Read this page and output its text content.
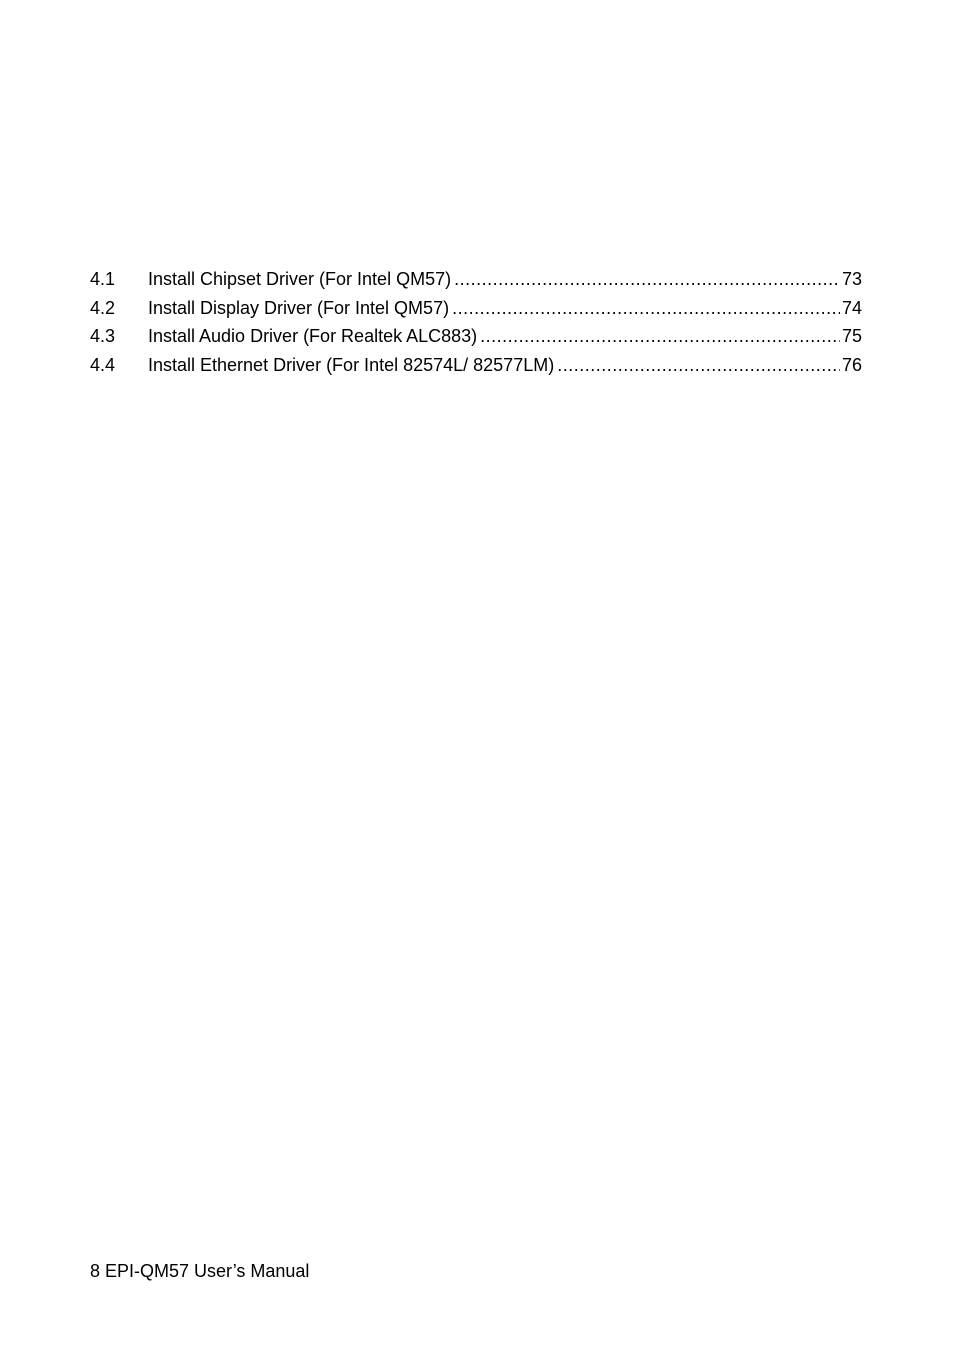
4.1	Install Chipset Driver (For Intel QM57) .....	73
4.2	Install Display Driver (For Intel QM57) .....	74
4.3	Install Audio Driver (For Realtek ALC883) .....	75
4.4	Install Ethernet Driver (For Intel 82574L/ 82577LM) .....	76
8 EPI-QM57 User’s Manual
